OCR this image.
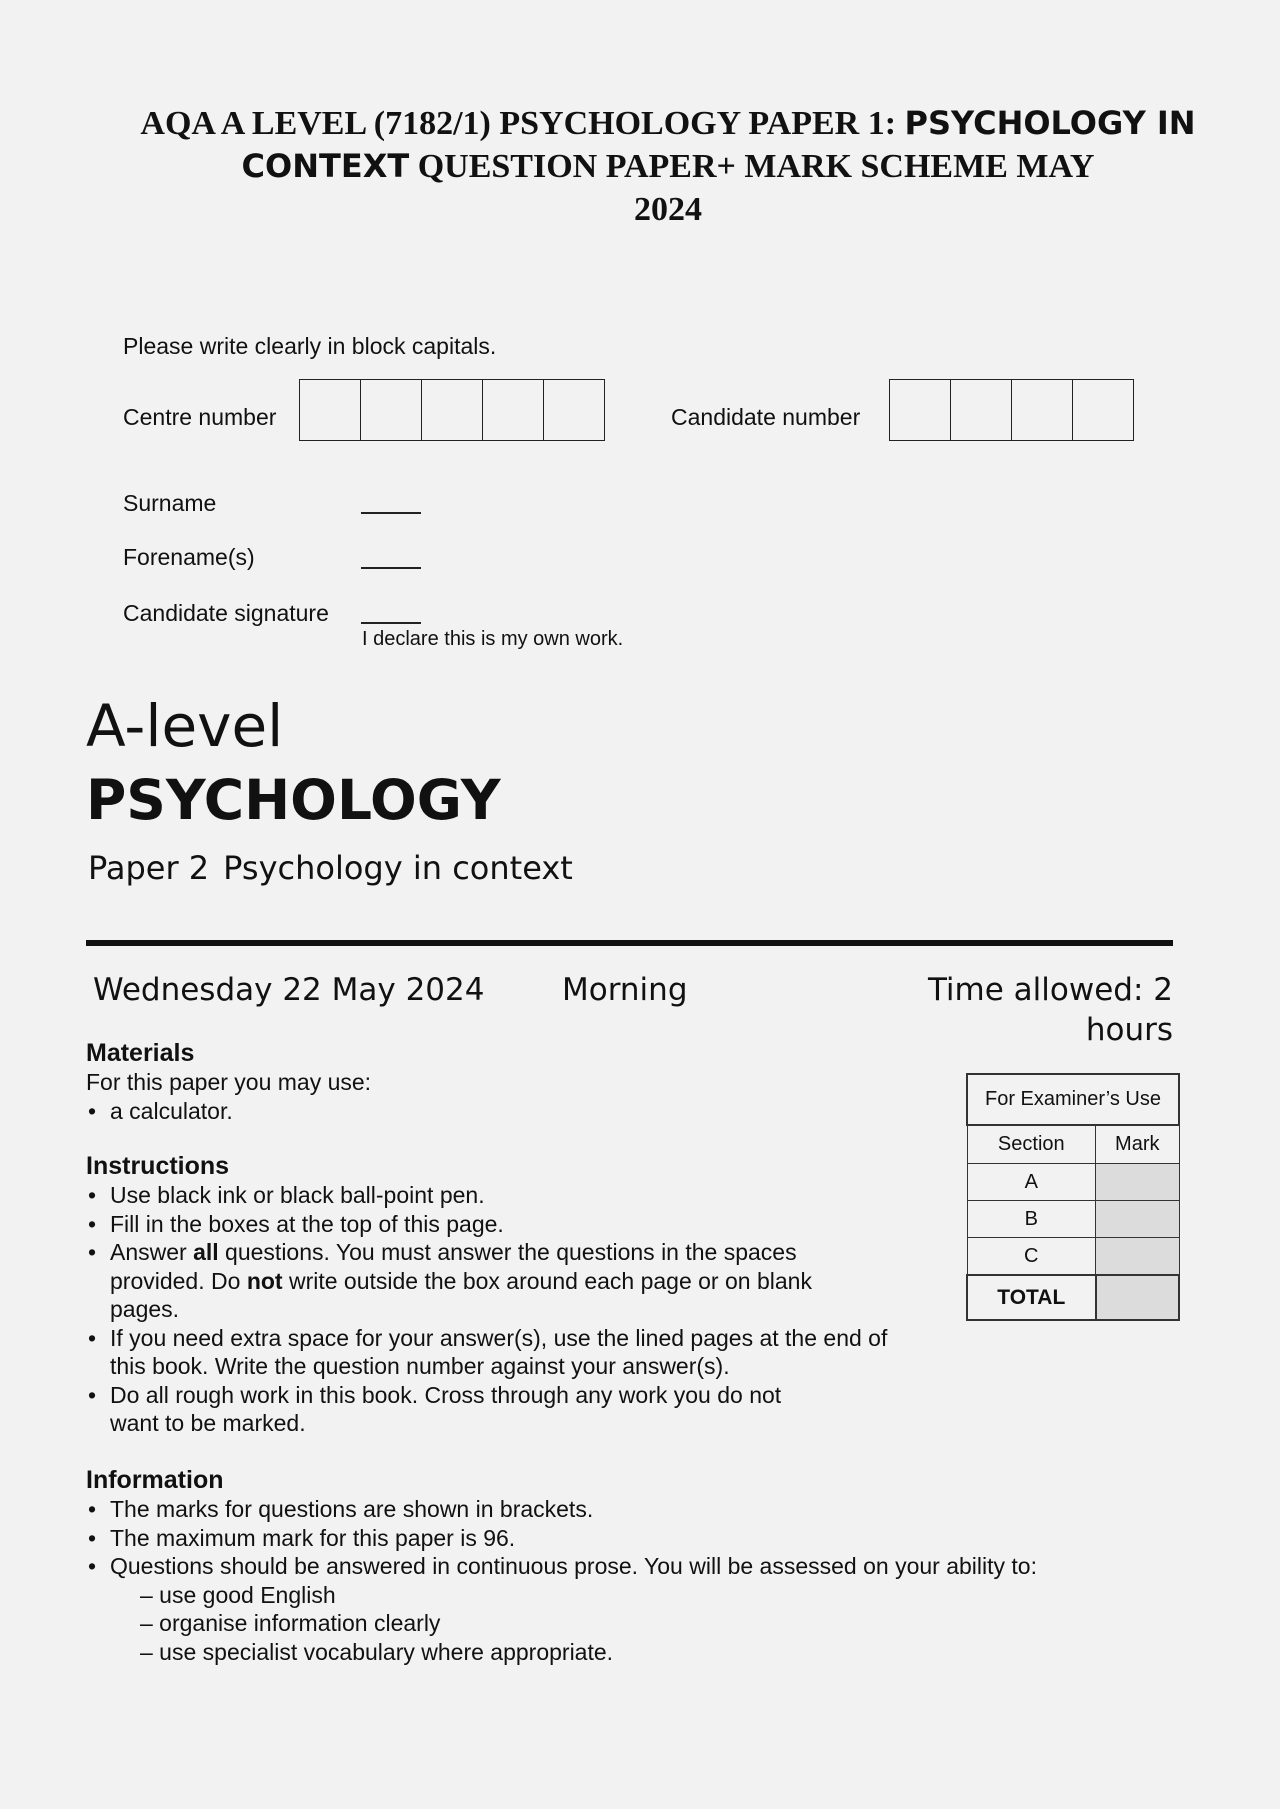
AQA A LEVEL (7182/1) PSYCHOLOGY PAPER 1: PSYCHOLOGY IN CONTEXT QUESTION PAPER+ MARK SCHEME MAY
2024
Please write clearly in block capitals.
Centre number	Candidate number
Surname
Forename(s)
Candidate signature
I declare this is my own work.
A-level
PSYCHOLOGY
Paper 2 Psychology in context
Wednesday 22 May 2024	Morning	Time allowed: 2 hours
Materials
For this paper you may use:
• a calculator.
Instructions
• Use black ink or black ball-point pen.
• Fill in the boxes at the top of this page.
• Answer all questions. You must answer the questions in the spaces provided. Do not write outside the box around each page or on blank pages.
• If you need extra space for your answer(s), use the lined pages at the end of this book. Write the question number against your answer(s).
• Do all rough work in this book. Cross through any work you do not want to be marked.
Information
• The marks for questions are shown in brackets.
• The maximum mark for this paper is 96.
• Questions should be answered in continuous prose. You will be assessed on your ability to:
– use good English
– organise information clearly
– use specialist vocabulary where appropriate.
For Examiner’s Use	
Section	Mark
A	
B	
C	
TOTAL	
